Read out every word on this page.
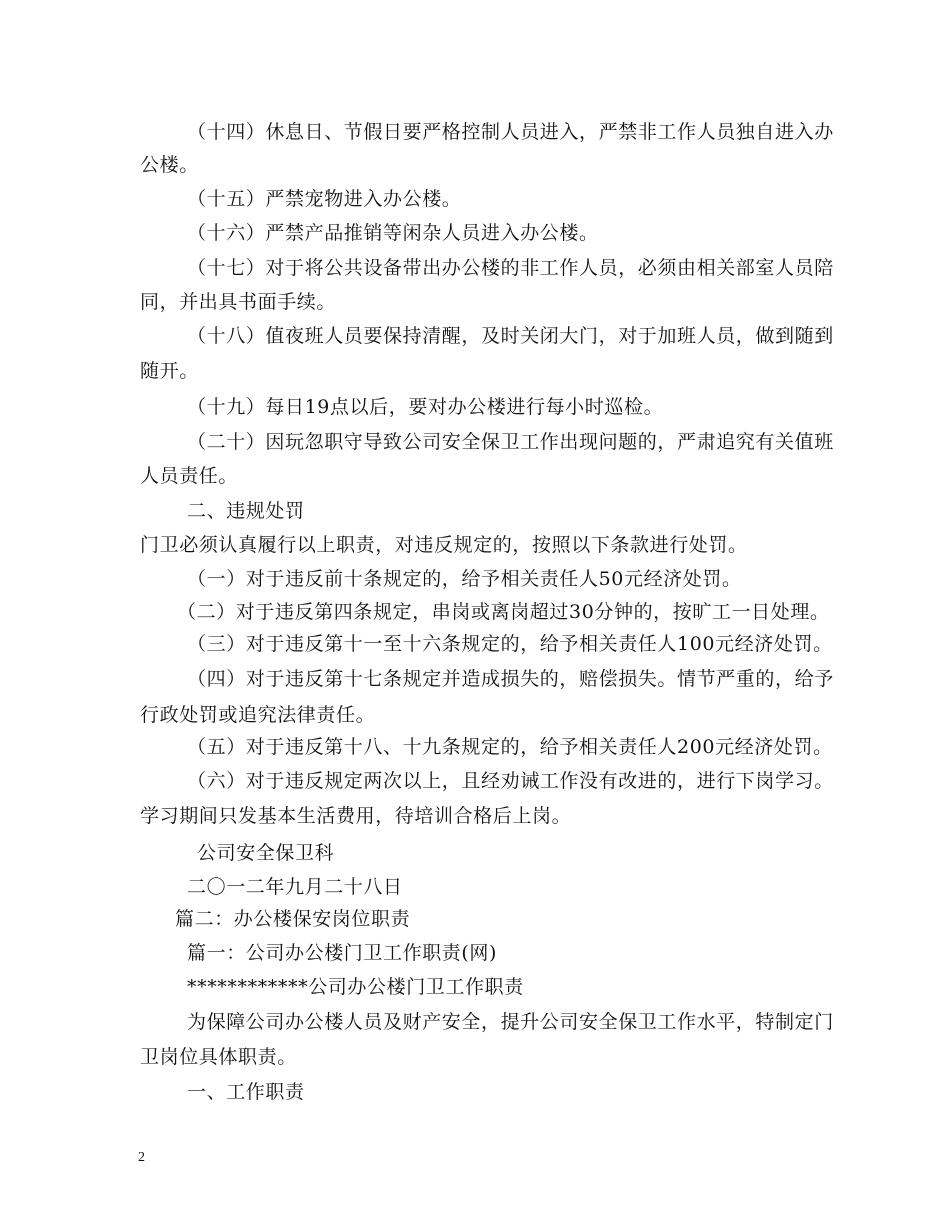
（十四）休息日、节假日要严格控制人员进入，严禁非工作人员独自进入办
公楼。
（十五）严禁宠物进入办公楼。
（十六）严禁产品推销等闲杂人员进入办公楼。
（十七）对于将公共设备带出办公楼的非工作人员，必须由相关部室人员陪
同，并出具书面手续。
（十八）值夜班人员要保持清醒，及时关闭大门，对于加班人员，做到随到
随开。
（十九）每日19点以后，要对办公楼进行每小时巡检。
（二十）因玩忽职守导致公司安全保卫工作出现问题的，严肃追究有关值班
人员责任。
二、违规处罚
门卫必须认真履行以上职责，对违反规定的，按照以下条款进行处罚。
（一）对于违反前十条规定的，给予相关责任人50元经济处罚。
（二）对于违反第四条规定，串岗或离岗超过30分钟的，按旷工一日处理。
（三）对于违反第十一至十六条规定的，给予相关责任人100元经济处罚。
（四）对于违反第十七条规定并造成损失的，赔偿损失。情节严重的，给予
行政处罚或追究法律责任。
（五）对于违反第十八、十九条规定的，给予相关责任人200元经济处罚。
（六）对于违反规定两次以上，且经劝诫工作没有改进的，进行下岗学习。
学习期间只发基本生活费用，待培训合格后上岗。
公司安全保卫科
二〇一二年九月二十八日
篇二：办公楼保安岗位职责
篇一：公司办公楼门卫工作职责(网)
************公司办公楼门卫工作职责
为保障公司办公楼人员及财产安全，提升公司安全保卫工作水平，特制定门
卫岗位具体职责。
一、工作职责
2
